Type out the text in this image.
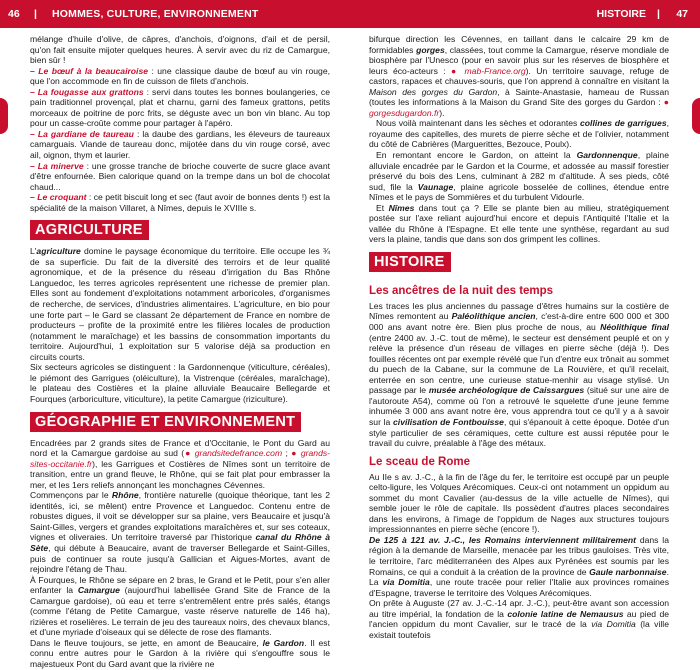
46 | HOMMES, CULTURE, ENVIRONNEMENT	HISTOIRE | 47

mélange d'huile d'olive, de câpres, d'anchois, d'oignons, d'ail et de persil, qu'on fait ensuite mijoter quelques heures. À servir avec du riz de Camargue, bien sûr !

– Le bœuf à la beaucairoise : une classique daube de bœuf au vin rouge, que l'on accommode en fin de cuisson de filets d'anchois.

– La fougasse aux grattons : servi dans toutes les bonnes boulangeries, ce pain traditionnel provençal, plat et charnu, garni des fameux grattons, petits morceaux de poitrine de porc frits, se déguste avec un bon vin blanc. Au top pour un casse-croûte comme pour partager à l'apéro.

– La gardiane de taureau : la daube des gardians, les éleveurs de taureaux camarguais. Viande de taureau donc, mijotée dans du vin rouge corsé, avec ail, oignon, thym et laurier.

– La minerve : une grosse tranche de brioche couverte de sucre glace avant d'être enfournée. Bien calorique quand on la trempe dans un bol de chocolat chaud...

– Le croquant : ce petit biscuit long et sec (faut avoir de bonnes dents !) est la spécialité de la maison Villaret, à Nîmes, depuis le XVIIIe s.

AGRICULTURE

L'agriculture domine le paysage économique du territoire. Elle occupe les ¾ de sa superficie. Du fait de la diversité des terroirs et de leur qualité agronomique, et de la présence du réseau d'irrigation du Bas Rhône Languedoc, les terres agricoles représentent une richesse de premier plan. Elles sont au fondement d'exploitations notamment arboricoles, d'organismes de recherche, de services, d'industries alimentaires. L'agriculture, en bio pour une forte part – le Gard se classant 2e département de France en nombre de producteurs – profite de la proximité entre les filières locales de production (notamment le maraîchage) et les bassins de consommation importants du territoire. Aujourd'hui, 1 exploitation sur 5 valorise déjà sa production en circuits courts.

Six secteurs agricoles se distinguent : la Gardonnenque (viticulture, céréales), le piémont des Garrigues (oléiculture), la Vistrenque (céréales, maraîchage), le plateau des Costières et la plaine alluviale Beaucaire Bellegarde et Fourques (arboriculture, viticulture), la petite Camargue (riziculture).

GÉOGRAPHIE ET ENVIRONNEMENT

Encadrées par 2 grands sites de France et d'Occitanie, le Pont du Gard au nord et la Camargue gardoise au sud (● grandsitedefrance.com ; ● grands-sites-occitanie.fr), les Garrigues et Costières de Nîmes sont un territoire de transition, entre un grand fleuve, le Rhône, qui se fait plat pour embrasser la mer, et les 1ers reliefs annonçant les monchagnes Cévennes.

Commençons par le Rhône, frontière naturelle (quoique théorique, tant les 2 identités, ici, se mêlent) entre Provence et Languedoc. Contenu entre de robustes digues, il voit se développer sur sa plaine, vers Beaucaire et jusqu'à Saint-Gilles, vergers et grandes exploitations maraîchères et, sur ses coteaux, vignes et oliveraies. Un territoire traversé par l'historique canal du Rhône à Sète, qui débute à Beaucaire, avant de traverser Bellegarde et Saint-Gilles, puis de continuer sa route jusqu'à Gallician et Aigues-Mortes, avant de rejoindre l'étang de Thau.

À Fourques, le Rhône se sépare en 2 bras, le Grand et le Petit, pour s'en aller enfanter la Camargue (aujourd'hui labellisée Grand Site de France de la Camargue gardoise), où eau et terre s'entremêlent entre prés salés, étangs (comme l'étang de Petite Camargue, vaste réserve naturelle de 146 ha), rizières et roselières. Le terrain de jeu des taureaux noirs, des chevaux blancs, et d'une myriade d'oiseaux qui se délecte de rose des flamants.

Dans le fleuve toujours, se jette, en amont de Beaucaire, le Gardon. Il est connu entre autres pour le Gardon à la rivière qui s'engouffre sous le majestueux Pont du Gard avant que la rivière ne

bifurque direction les Cévennes, en taillant dans le calcaire 29 km de formidables gorges, classées, tout comme la Camargue, réserve mondiale de biosphère par l'Unesco (pour en savoir plus sur les réserves de biosphère et leurs éco-acteurs : ● mab-France.org). Un territoire sauvage, refuge de castors, rapaces et chauves-souris, que l'on apprend à connaître en visitant la Maison des gorges du Gardon, à Sainte-Anastasie, hameau de Russan (toutes les informations à la Maison du Grand Site des gorges du Gardon : ● gorgesdugardon.fr).

Nous voilà maintenant dans les sèches et odorantes collines de garrigues, royaume des capitelles, des murets de pierre sèche et de l'olivier, notamment du côté de Cabrières (Marguerittes, Bezouce, Poulx).

En remontant encore le Gardon, on atteint la Gardonnenque, plaine alluviale encadrée par le Gardon et la Courme, et adossée au massif forestier préservé du bois des Lens, culminant à 282 m d'altitude. À ses pieds, côté sud, file la Vaunage, plaine agricole bosselée de collines, étendue entre Nîmes et le pays de Sommières et du turbulent Vidourle.

Et Nîmes dans tout ça ? Elle se plante bien au milieu, stratégiquement postée sur l'axe reliant aujourd'hui encore et depuis l'Antiquité l'Italie et la vallée du Rhône à l'Espagne. Et elle tente une synthèse, regardant au sud vers la plaine, tandis que dans son dos grimpent les collines.

HISTOIRE
Les ancêtres de la nuit des temps

Les traces les plus anciennes du passage d'êtres humains sur la costière de Nîmes remontent au Paléolithique ancien, c'est-à-dire entre 600 000 et 300 000 ans avant notre ère. Bien plus proche de nous, au Néolithique final (entre 2400 av. J.-C. tout de même), le secteur est densément peuplé et on y relève la présence d'un réseau de villages en pierre sèche (déjà !). Des fouilles récentes ont par exemple révélé que l'un d'entre eux trônait au sommet du puech de la Cabane, sur la commune de La Rouvière, et qu'il recelait, enterrée en son centre, une curieuse statue-menhir au visage stylisé. Un passage par le musée archéologique de Caissargues (situé sur une aire de l'autoroute A54), comme où l'on a retrouvé le squelette d'une jeune femme inhumée 3 000 ans avant notre ère, vous apprendra tout ce qu'il y a à savoir sur la civilisation de Fontbouisse, qui s'épanouit à cette époque. Dotée d'un style particulier de ses céramiques, cette culture est aussi réputée pour le travail du cuivre, préalable à l'âge des métaux.

Le sceau de Rome

Au IIe s av. J.-C., à la fin de l'âge du fer, le territoire est occupé par un peuple celto-ligure, les Volques Arécomiques. Ceux-ci ont notamment un oppidum au sommet du mont Cavalier (au-dessus de la ville actuelle de Nîmes), qui semble jouer le rôle de capitale. Ils possèdent d'autres places secondaires dans les environs, à l'image de l'oppidum de Nages aux structures toujours impressionnantes en pierre sèche (encore !).

De 125 à 121 av. J.-C., les Romains interviennent militairement dans la région à la demande de Marseille, menacée par les tribus gauloises. Très vite, le territoire, l'arc méditerranéen des Alpes aux Pyrénées est soumis par les Romains, ce qui a conduit à la création de la province de Gaule narbonnaise. La via Domitia, une route tracée pour relier l'Italie aux provinces romaines d'Espagne, traverse le territoire des Volques Arécomiques.

On prête à Auguste (27 av. J.-C.-14 apr. J.-C.), peut-être avant son accession au titre impérial, la fondation de la colonie latine de Nemausus au pied de l'ancien oppidum du mont Cavalier, sur le tracé de la via Domitia (la ville existait toutefois
